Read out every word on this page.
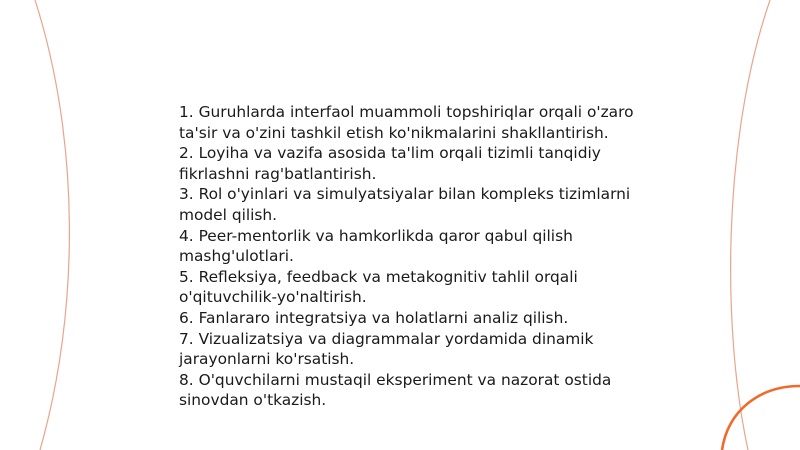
1. Guruhlarda interfaol muammoli topshiriqlar orqali o'zaro ta'sir va o'zini tashkil etish ko'nikmalarini shakllantirish.

2. Loyiha va vazifa asosida ta'lim orqali tizimli tanqidiy fikrlashni rag'batlantirish.

3. Rol o'yinlari va simulyatsiyalar bilan kompleks tizimlarni model qilish.

4. Peer-mentorlik va hamkorlikda qaror qabul qilish mashg'ulotlari.

5. Refleksiya, feedback va metakognitiv tahlil orqali o'qituvchilik-yo'naltirish.

6. Fanlararo integratsiya va holatlarni analiz qilish.

7. Vizualizatsiya va diagrammalar yordamida dinamik jarayonlarni ko'rsatish.

8. O'quvchilarni mustaqil eksperiment va nazorat ostida sinovdan o'tkazish.
